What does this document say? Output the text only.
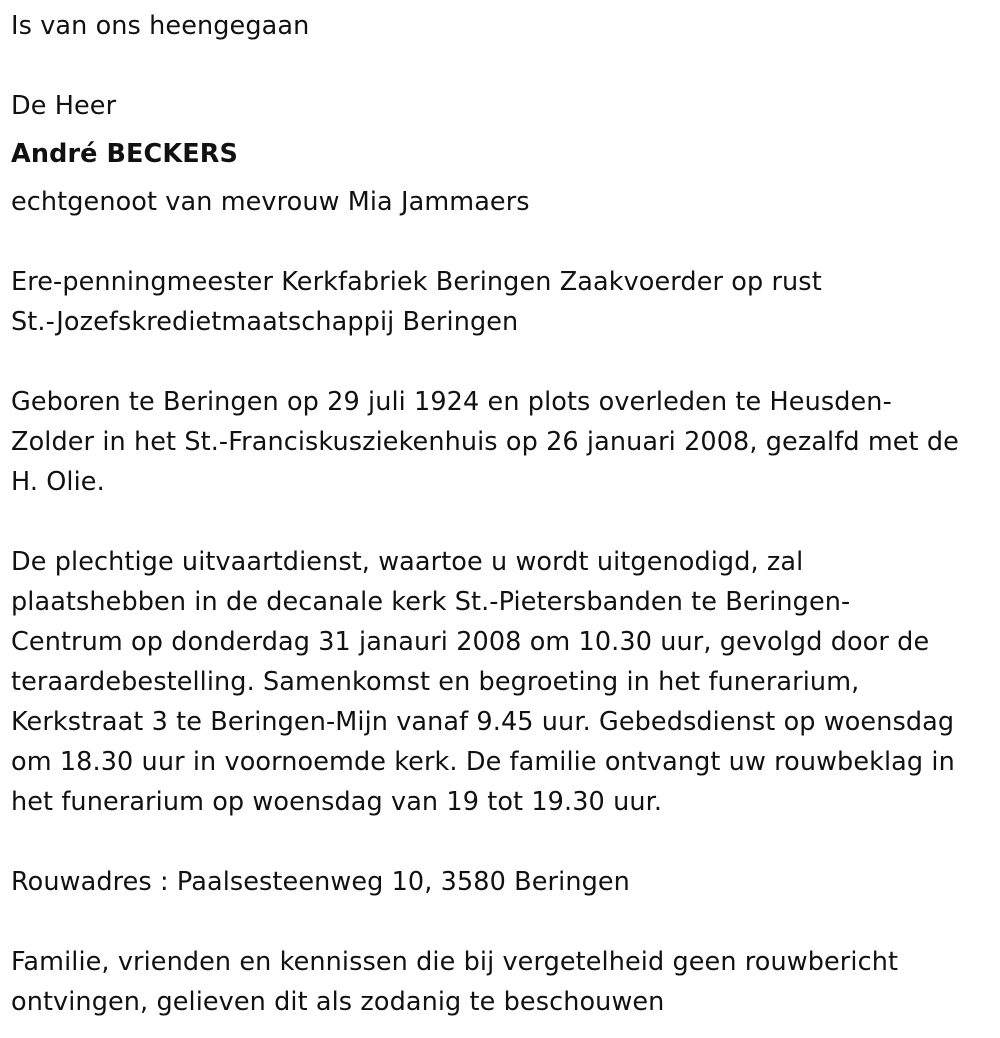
Is van ons heengegaan

De Heer

André BECKERS

echtgenoot van mevrouw Mia Jammaers

Ere-penningmeester Kerkfabriek Beringen Zaakvoerder op rust

St.-Jozefskredietmaatschappij Beringen

Geboren te Beringen op 29 juli 1924 en plots overleden te Heusden-

Zolder in het St.-Franciskusziekenhuis op 26 januari 2008, gezalfd met de

H. Olie.

De plechtige uitvaartdienst, waartoe u wordt uitgenodigd, zal

plaatshebben in de decanale kerk St.-Pietersbanden te Beringen-

Centrum op donderdag 31 janauri 2008 om 10.30 uur, gevolgd door de

teraardebestelling. Samenkomst en begroeting in het funerarium,

Kerkstraat 3 te Beringen-Mijn vanaf 9.45 uur. Gebedsdienst op woensdag

om 18.30 uur in voornoemde kerk. De familie ontvangt uw rouwbeklag in

het funerarium op woensdag van 19 tot 19.30 uur.

Rouwadres : Paalsesteenweg 10, 3580 Beringen

Familie, vrienden en kennissen die bij vergetelheid geen rouwbericht

ontvingen, gelieven dit als zodanig te beschouwen
